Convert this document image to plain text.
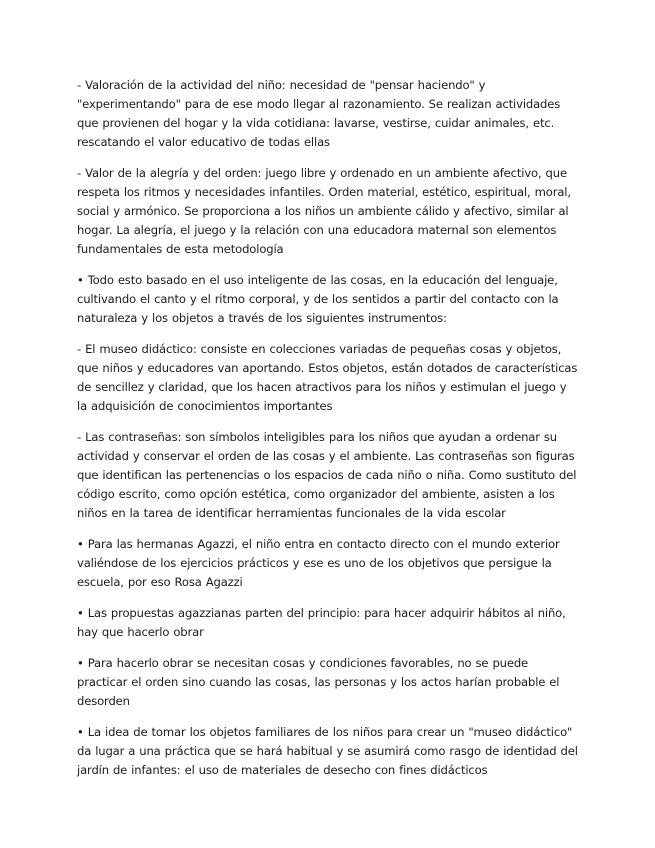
- Valoración de la actividad del niño: necesidad de "pensar haciendo" y "experimentando" para de ese modo llegar al razonamiento. Se realizan actividades que provienen del hogar y la vida cotidiana: lavarse, vestirse, cuidar animales, etc. rescatando el valor educativo de todas ellas

- Valor de la alegría y del orden: juego libre y ordenado en un ambiente afectivo, que respeta los ritmos y necesidades infantiles. Orden material, estético, espiritual, moral, social y armónico. Se proporciona a los niños un ambiente cálido y afectivo, similar al hogar. La alegría, el juego y la relación con una educadora maternal son elementos fundamentales de esta metodología

• Todo esto basado en el uso inteligente de las cosas, en la educación del lenguaje, cultivando el canto y el ritmo corporal, y de los sentidos a partir del contacto con la naturaleza y los objetos a través de los siguientes instrumentos:

- El museo didáctico: consiste en colecciones variadas de pequeñas cosas y objetos, que niños y educadores van aportando. Estos objetos, están dotados de características de sencillez y claridad, que los hacen atractivos para los niños y estimulan el juego y la adquisición de conocimientos importantes

- Las contraseñas: son símbolos inteligibles para los niños que ayudan a ordenar su actividad y conservar el orden de las cosas y el ambiente. Las contraseñas son figuras que identifican las pertenencias o los espacios de cada niño o niña. Como sustituto del código escrito, como opción estética, como organizador del ambiente, asisten a los niños en la tarea de identificar herramientas funcionales de la vida escolar

• Para las hermanas Agazzi, el niño entra en contacto directo con el mundo exterior valiéndose de los ejercicios prácticos y ese es uno de los objetivos que persigue la escuela, por eso Rosa Agazzi

• Las propuestas agazzianas parten del principio: para hacer adquirir hábitos al niño, hay que hacerlo obrar

• Para hacerlo obrar se necesitan cosas y condiciones favorables, no se puede practicar el orden sino cuando las cosas, las personas y los actos harían probable el desorden

• La idea de tomar los objetos familiares de los niños para crear un "museo didáctico" da lugar a una práctica que se hará habitual y se asumirá como rasgo de identidad del jardín de infantes: el uso de materiales de desecho con fines didácticos
